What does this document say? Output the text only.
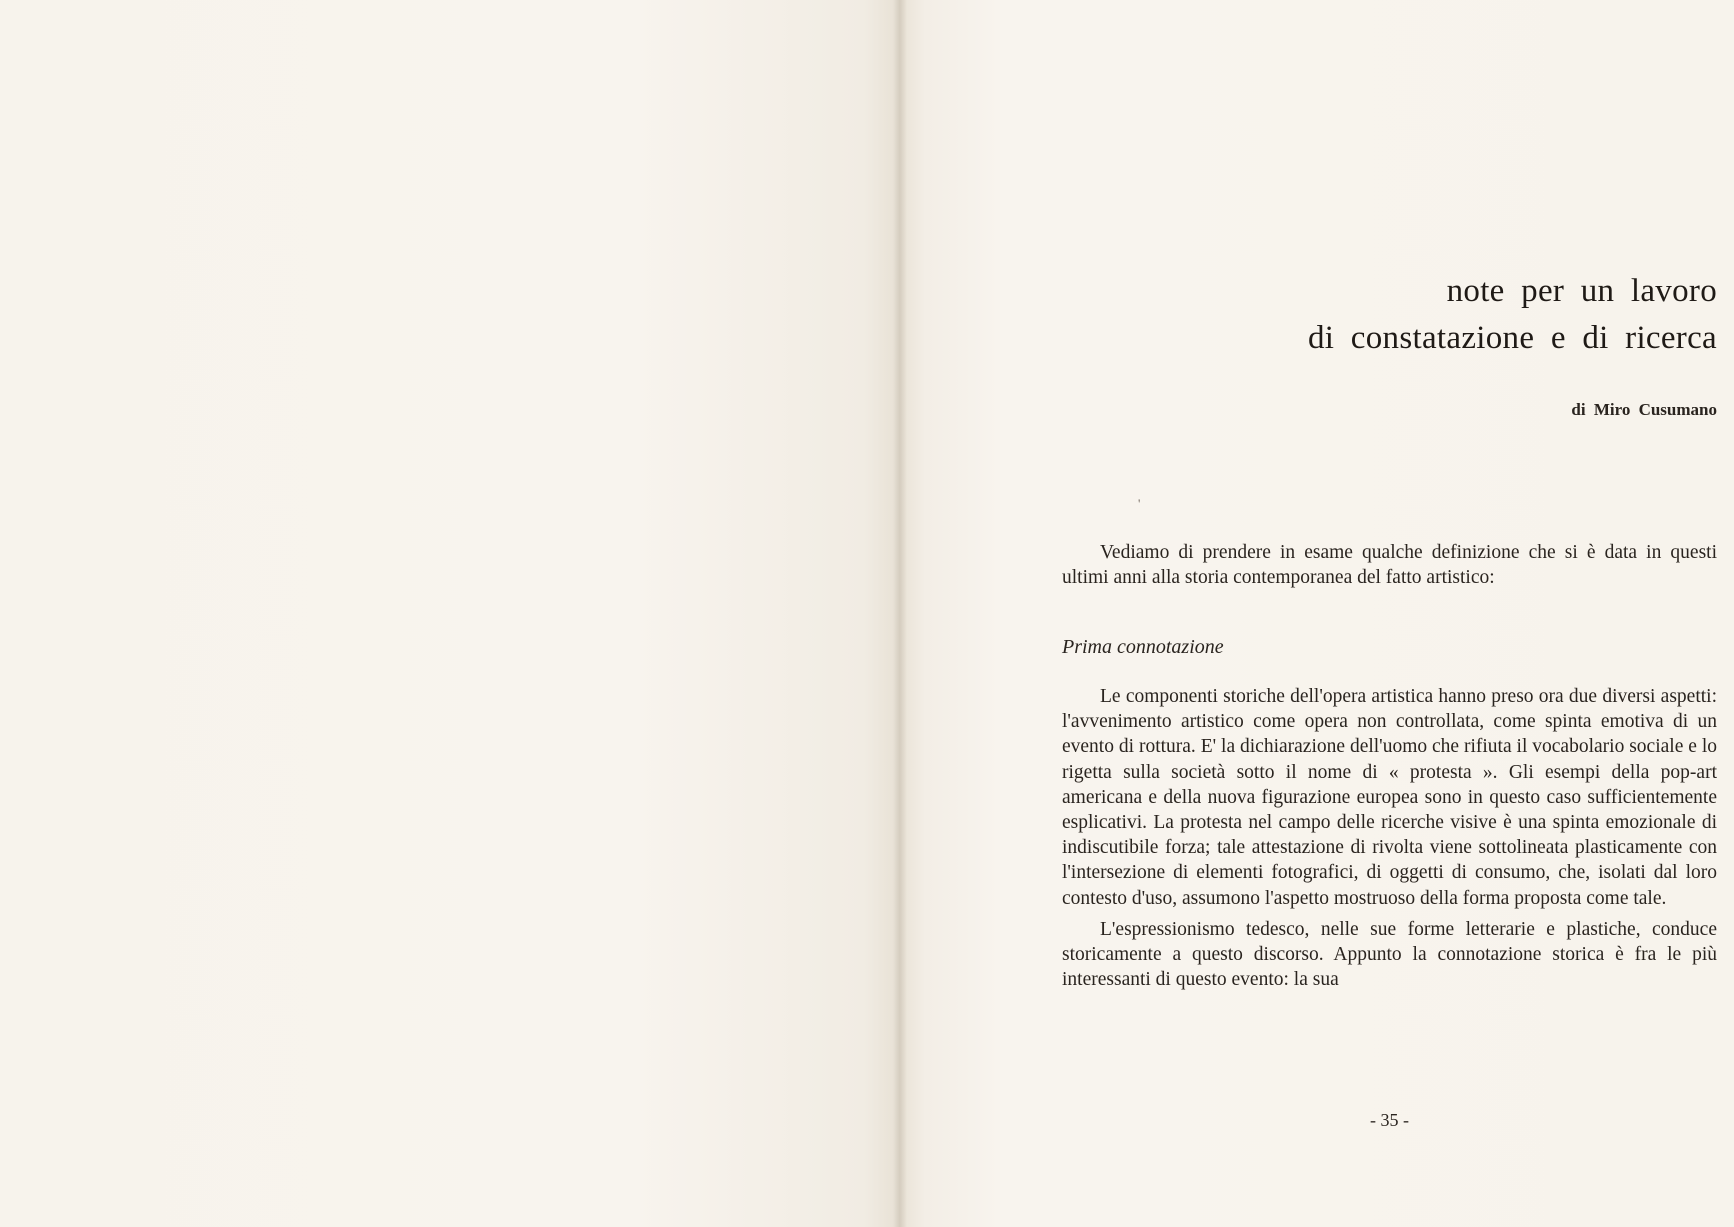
note per un lavoro
di constatazione e di ricerca
di Miro Cusumano
'

Vediamo di prendere in esame qualche definizione che si è data in questi ultimi anni alla storia contemporanea del fatto artistico:

Prima connotazione

Le componenti storiche dell'opera artistica hanno preso ora due diversi aspetti: l'avvenimento artistico come opera non controllata, come spinta emotiva di un evento di rottura. E' la dichiarazione dell'uomo che rifiuta il vocabolario sociale e lo rigetta sulla società sotto il nome di « protesta ». Gli esempi della pop-art americana e della nuova figurazione europea sono in questo caso sufficientemente esplicativi. La protesta nel campo delle ricerche visive è una spinta emozionale di indiscutibile forza; tale attestazione di rivolta viene sottolineata plasticamente con l'intersezione di elementi fotografici, di oggetti di consumo, che, isolati dal loro contesto d'uso, assumono l'aspetto mostruoso della forma proposta come tale.

L'espressionismo tedesco, nelle sue forme letterarie e plastiche, conduce storicamente a questo discorso. Appunto la connotazione storica è fra le più interessanti di questo evento: la sua

- 35 -
